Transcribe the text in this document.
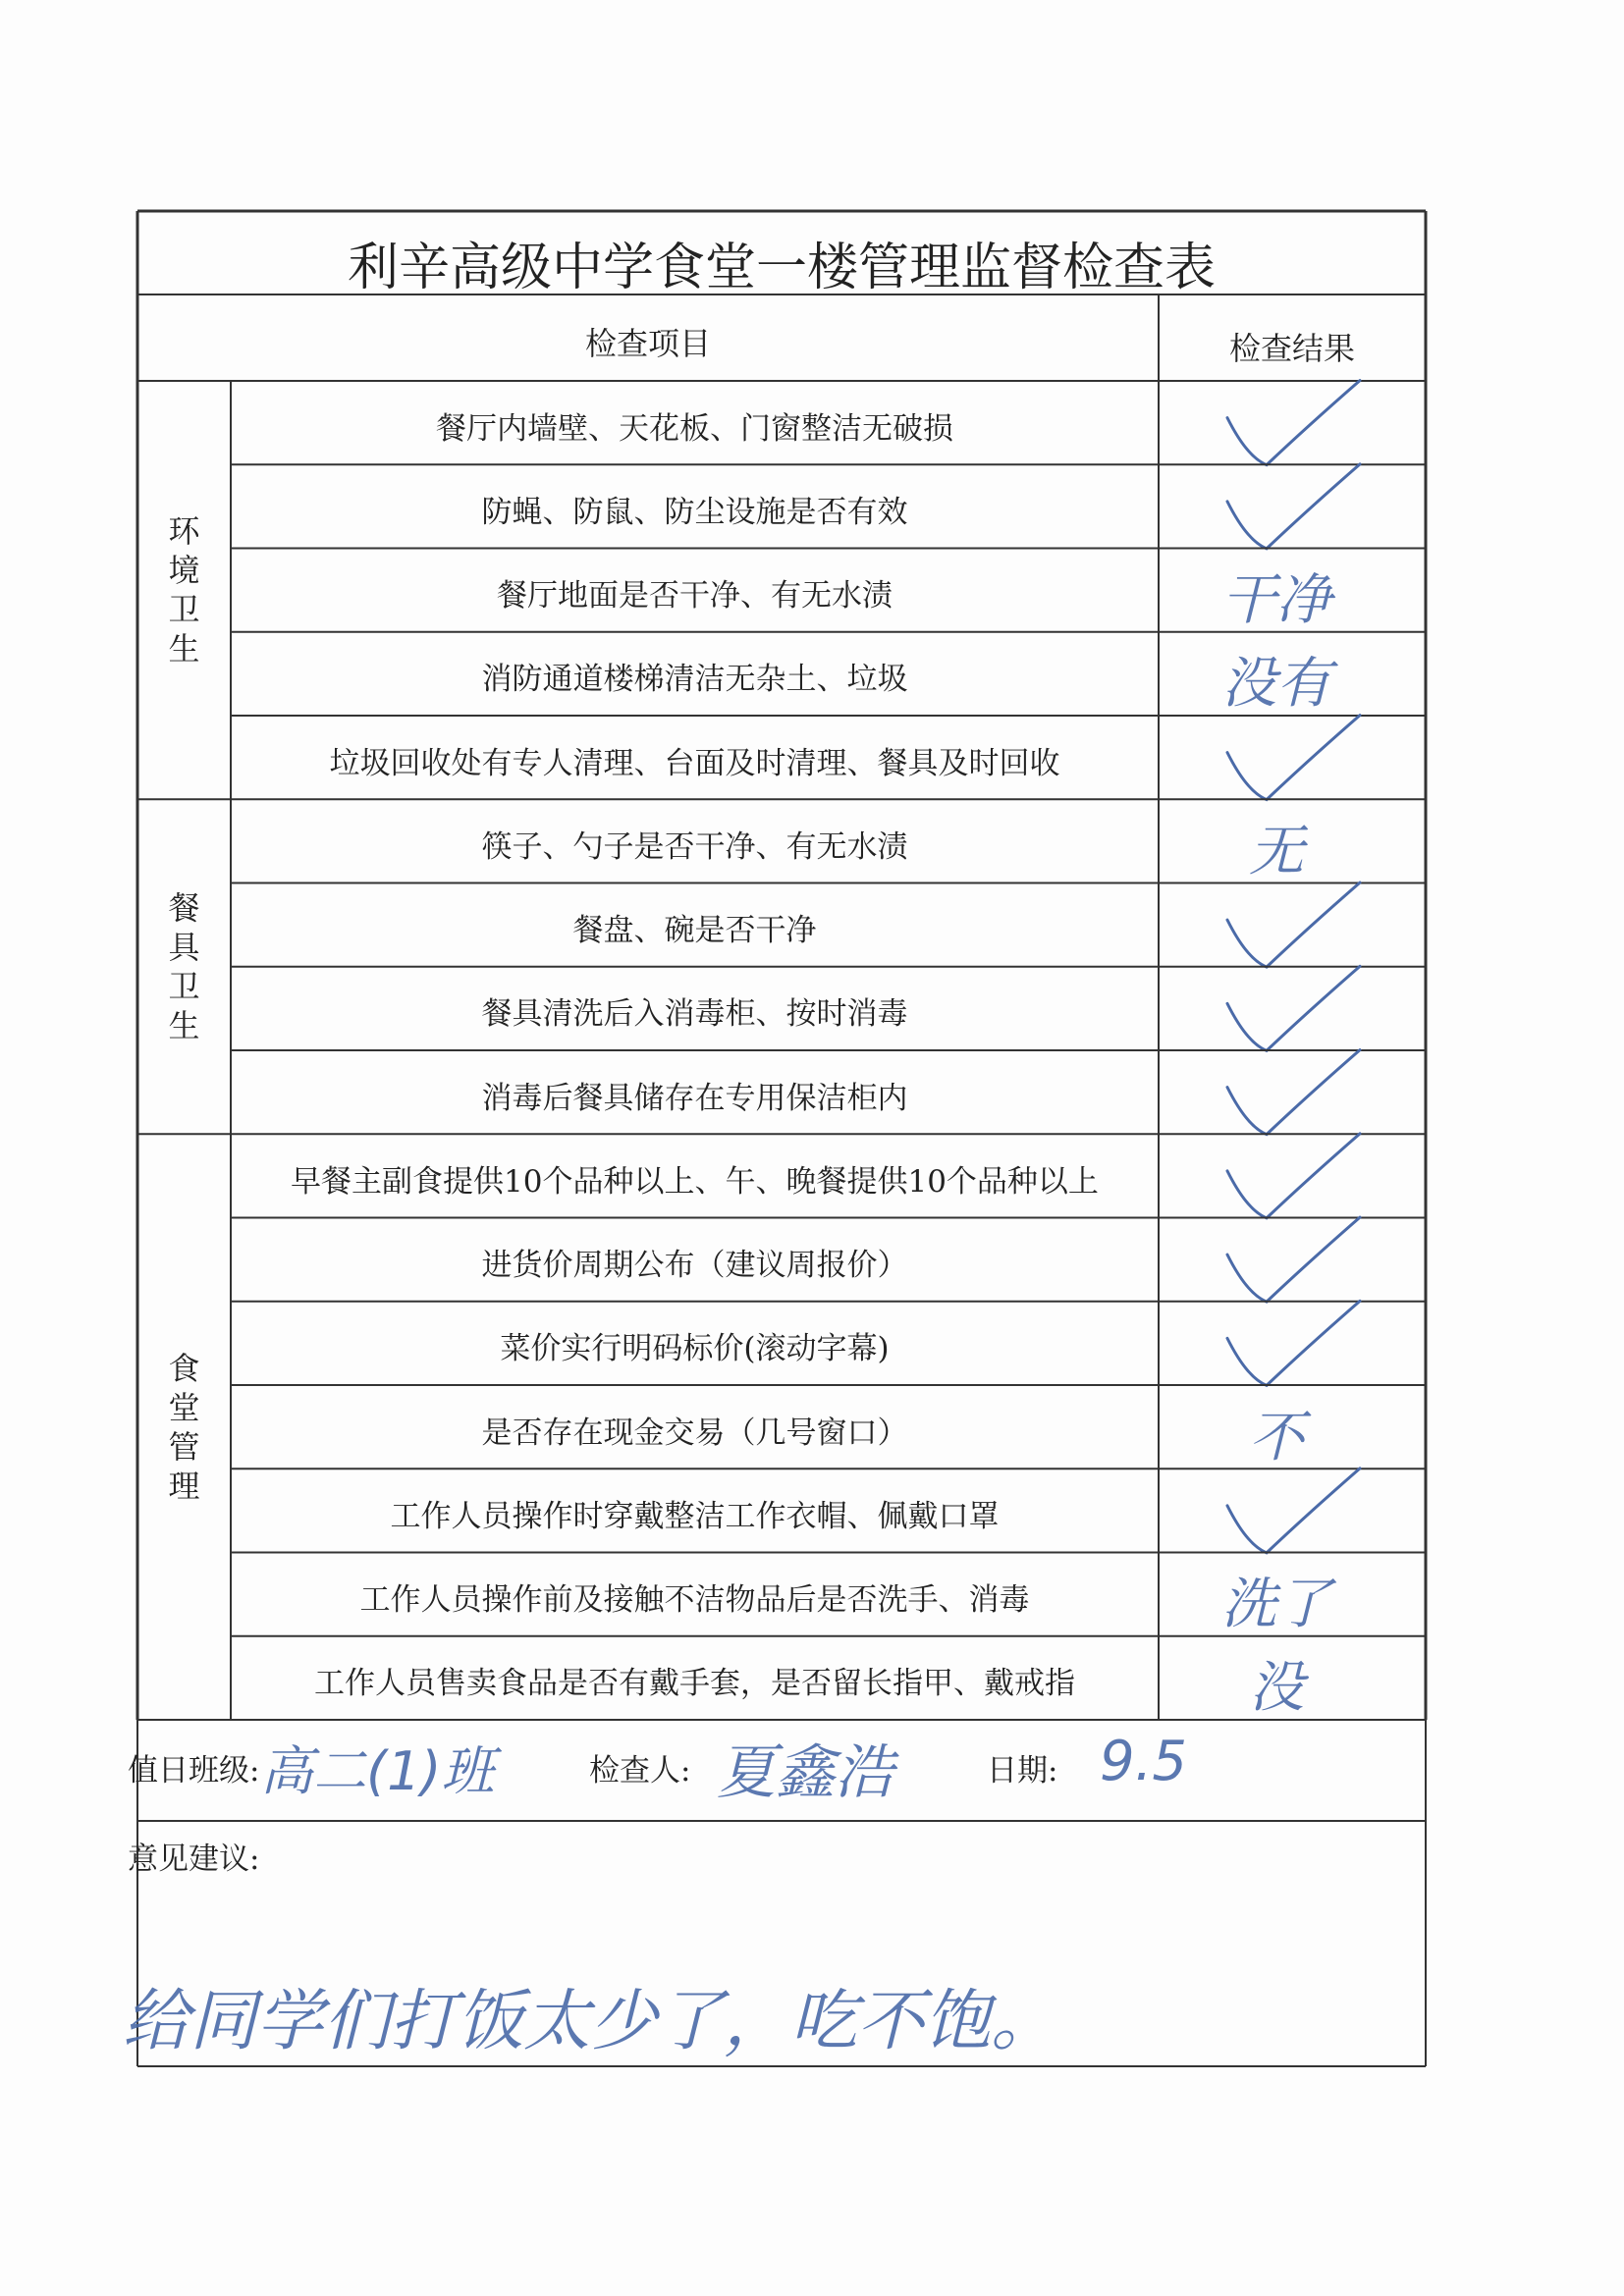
利辛高级中学食堂一楼管理监督检查表
检查项目	检查结果
餐厅内墙壁、天花板、门窗整洁无破损
防蝇、防鼠、防尘设施是否有效
餐厅地面是否干净、有无水渍	干净
消防通道楼梯清洁无杂土、垃圾	没有
垃圾回收处有专人清理、台面及时清理、餐具及时回收
环境卫生
筷子、勺子是否干净、有无水渍	无
餐盘、碗是否干净
餐具清洗后入消毒柜、按时消毒
消毒后餐具储存在专用保洁柜内
餐具卫生
早餐主副食提供10个品种以上、午、晚餐提供10个品种以上
进货价周期公布（建议周报价）
菜价实行明码标价(滚动字幕)
是否存在现金交易（几号窗口）	不
工作人员操作时穿戴整洁工作衣帽、佩戴口罩
工作人员操作前及接触不洁物品后是否洗手、消毒	洗了
工作人员售卖食品是否有戴手套，是否留长指甲、戴戒指	没
食堂管理
值日班级: 高二(1)班	检查人: 夏鑫浩	日期: 9.5
意见建议:
给同学们打饭太少了，吃不饱。
